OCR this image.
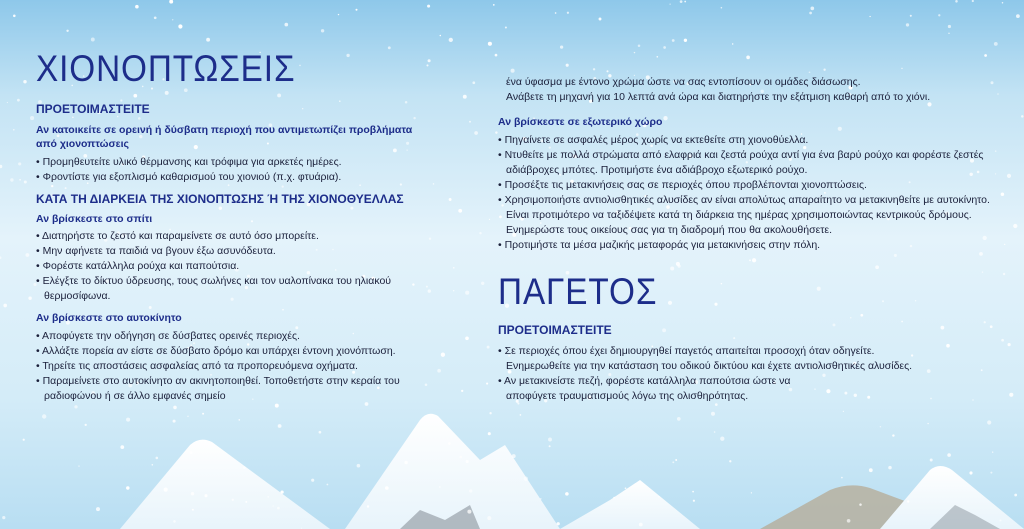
ΧΙΟΝΟΠΤΩΣΕΙΣ

ΠΡΟΕΤΟΙΜΑΣΤΕΙΤΕ

Αν κατοικείτε σε ορεινή ή δύσβατη περιοχή που αντιμετωπίζει προβλήματα

από χιονοπτώσεις

• Προμηθευτείτε υλικό θέρμανσης και τρόφιμα για αρκετές ημέρες.
• Φροντίστε για εξοπλισμό καθαρισμού του χιονιού (π.χ. φτυάρια).

ΚΑΤΑ ΤΗ ΔΙΑΡΚΕΙΑ ΤΗΣ ΧΙΟΝΟΠΤΩΣΗΣ Ή ΤΗΣ ΧΙΟΝΟΘΥΕΛΛΑΣ

Αν βρίσκεστε στο σπίτι

• Διατηρήστε το ζεστό και παραμείνετε σε αυτό όσο μπορείτε.
• Μην αφήνετε τα παιδιά να βγουν έξω ασυνόδευτα.
• Φορέστε κατάλληλα ρούχα και παπούτσια.
• Ελέγξτε το δίκτυο ύδρευσης, τους σωλήνες και τον υαλοπίνακα του ηλιακού θερμοσίφωνα.

Αν βρίσκεστε στο αυτοκίνητο

• Αποφύγετε την οδήγηση σε δύσβατες ορεινές περιοχές.
• Αλλάξτε πορεία αν είστε σε δύσβατο δρόμο και υπάρχει έντονη χιονόπτωση.
• Τηρείτε τις αποστάσεις ασφαλείας από τα προπορευόμενα οχήματα.
• Παραμείνετε στο αυτοκίνητο αν ακινητοποιηθεί. Τοποθετήστε στην κεραία του ραδιοφώνου ή σε άλλο εμφανές σημείο
ένα ύφασμα με έντονο χρώμα ώστε να σας εντοπίσουν οι ομάδες διάσωσης.
Ανάβετε τη μηχανή για 10 λεπτά ανά ώρα και διατηρήστε την εξάτμιση καθαρή από το χιόνι.

Αν βρίσκεστε σε εξωτερικό χώρο

• Πηγαίνετε σε ασφαλές μέρος χωρίς να εκτεθείτε στη χιονοθύελλα.
• Ντυθείτε με πολλά στρώματα από ελαφριά και ζεστά ρούχα αντί για ένα βαρύ ρούχο και φορέστε ζεστές αδιάβροχες μπότες. Προτιμήστε ένα αδιάβροχο εξωτερικό ρούχο.
• Προσέξτε τις μετακινήσεις σας σε περιοχές όπου προβλέπονται χιονοπτώσεις.
• Χρησιμοποιήστε αντιολισθητικές αλυσίδες αν είναι απολύτως απαραίτητο να μετακινηθείτε με αυτοκίνητο. Είναι προτιμότερο να ταξιδέψετε κατά τη διάρκεια της ημέρας χρησιμοποιώντας κεντρικούς δρόμους. Ενημερώστε τους οικείους σας για τη διαδρομή που θα ακολουθήσετε.
• Προτιμήστε τα μέσα μαζικής μεταφοράς για μετακινήσεις στην πόλη.
ΠΑΓΕΤΟΣ

ΠΡΟΕΤΟΙΜΑΣΤΕΙΤΕ

• Σε περιοχές όπου έχει δημιουργηθεί παγετός απαιτείται προσοχή όταν οδηγείτε. Ενημερωθείτε για την κατάσταση του οδικού δικτύου και έχετε αντιολισθητικές αλυσίδες.
• Αν μετακινείστε πεζή, φορέστε κατάλληλα παπούτσια ώστε να αποφύγετε τραυματισμούς λόγω της ολισθηρότητας.
